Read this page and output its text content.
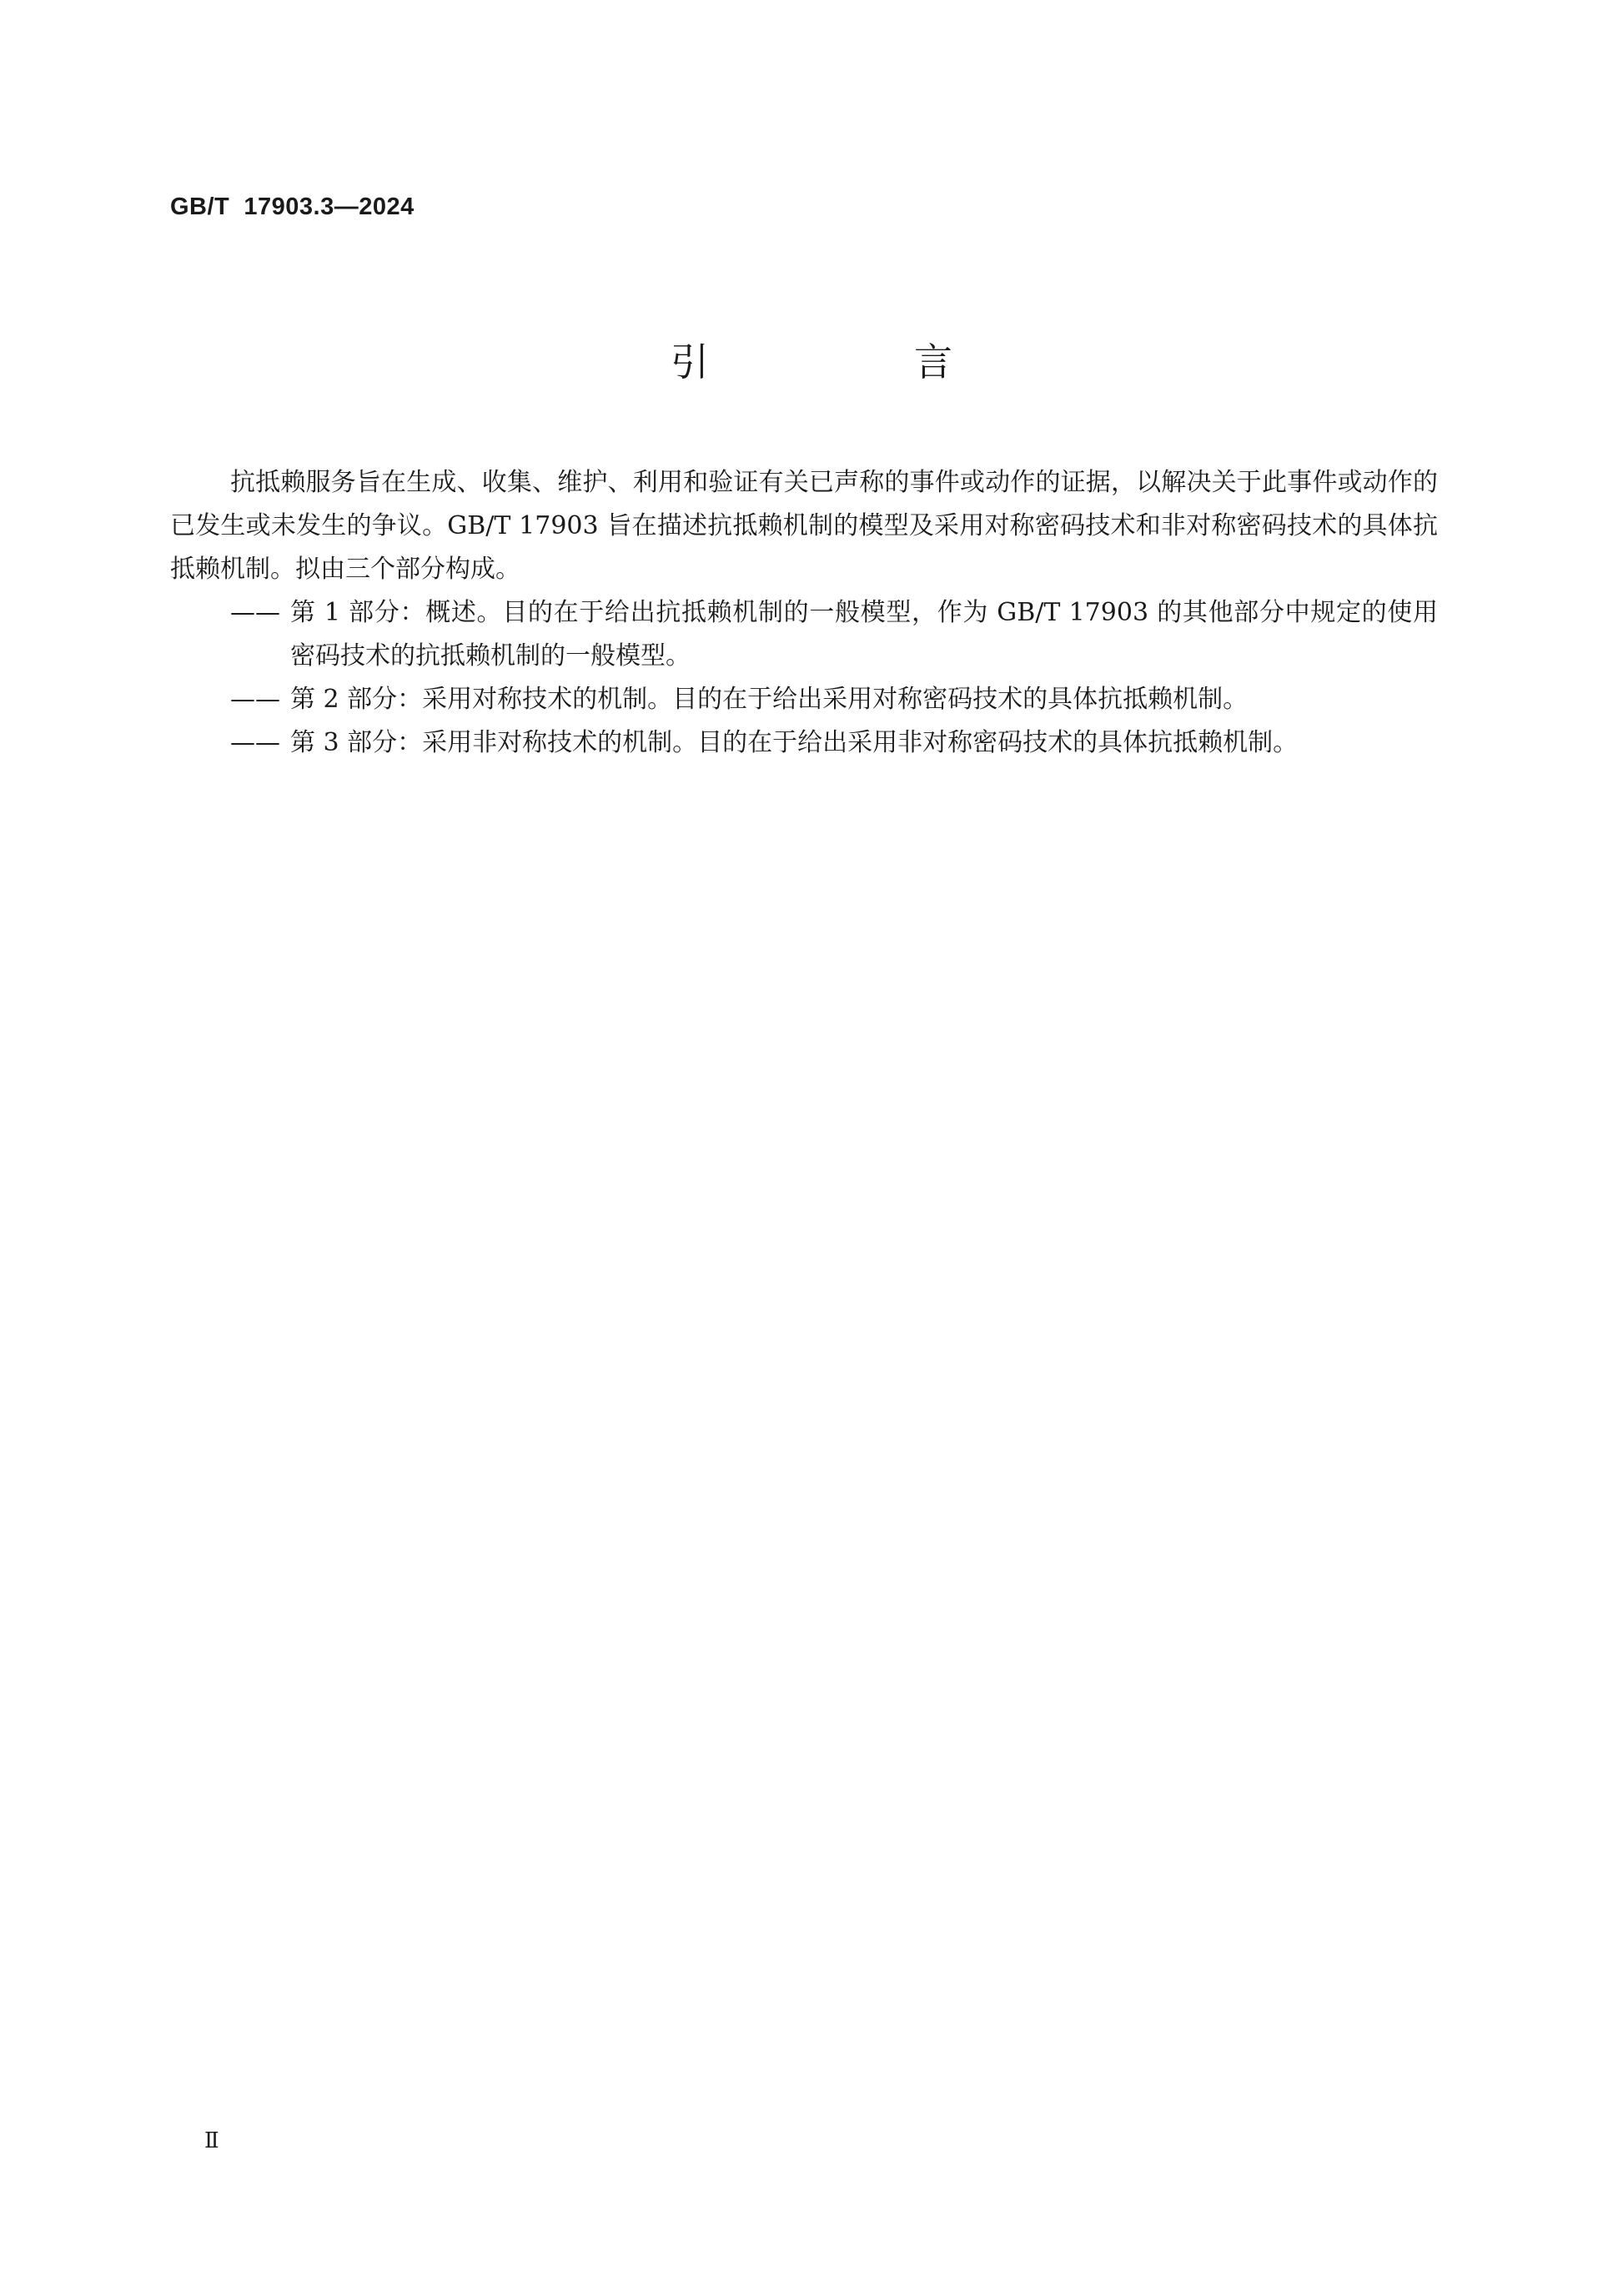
GB/T  17903.3—2024
引　言

抗抵赖服务旨在生成、收集、维护、利用和验证有关已声称的事件或动作的证据，以解决关于此事件或动作的已发生或未发生的争议。GB/T 17903 旨在描述抗抵赖机制的模型及采用对称密码技术和非对称密码技术的具体抗抵赖机制。拟由三个部分构成。

—— 第 1 部分：概述。目的在于给出抗抵赖机制的一般模型，作为 GB/T 17903 的其他部分中规定的使用密码技术的抗抵赖机制的一般模型。
—— 第 2 部分：采用对称技术的机制。目的在于给出采用对称密码技术的具体抗抵赖机制。
—— 第 3 部分：采用非对称技术的机制。目的在于给出采用非对称密码技术的具体抗抵赖机制。
Ⅱ
